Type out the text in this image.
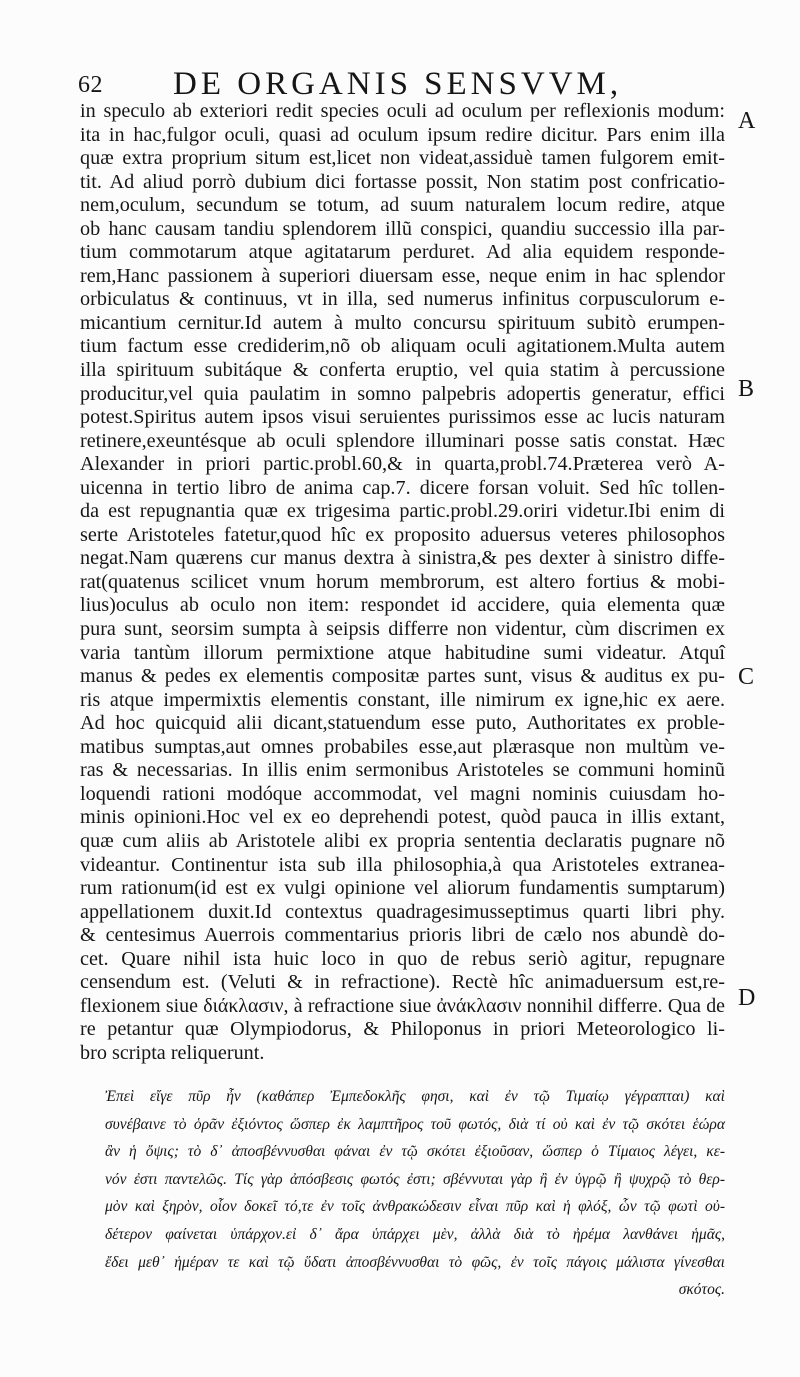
62 DE ORGANIS SENSVVM,
in speculo ab exteriori redit species oculi ad oculum per reflexionis modum:
ita in hac,fulgor oculi, quasi ad oculum ipsum redire dicitur. Pars enim illa
quæ extra proprium situm est,licet non videat,assiduè tamen fulgorem emit-
tit. Ad aliud porrò dubium dici fortasse possit, Non statim post confricatio-
nem,oculum, secundum se totum, ad suum naturalem locum redire, atque
ob hanc causam tandiu splendorem illũ conspici, quandiu successio illa par-
tium commotarum atque agitatarum perduret. Ad alia equidem responde-
rem,Hanc passionem à superiori diuersam esse, neque enim in hac splendor
orbiculatus & continuus, vt in illa, sed numerus infinitus corpusculorum e-
micantium cernitur.Id autem à multo concursu spirituum subitò erumpen-
tium factum esse crediderim,nõ ob aliquam oculi agitationem.Multa autem
illa spirituum subitáque & conferta eruptio, vel quia statim à percussione
producitur,vel quia paulatim in somno palpebris adopertis generatur, effici
potest.Spiritus autem ipsos visui seruientes purissimos esse ac lucis naturam
retinere,exeuntésque ab oculi splendore illuminari posse satis constat. Hæc
Alexander in priori partic.probl.60,& in quarta,probl.74.Præterea verò A-
uicenna in tertio libro de anima cap.7. dicere forsan voluit. Sed hîc tollen-
da est repugnantia quæ ex trigesima partic.probl.29.oriri videtur.Ibi enim di
serte Aristoteles fatetur,quod hîc ex proposito aduersus veteres philosophos
negat.Nam quærens cur manus dextra à sinistra,& pes dexter à sinistro diffe-
rat(quatenus scilicet vnum horum membrorum, est altero fortius & mobi-
lius)oculus ab oculo non item: respondet id accidere, quia elementa quæ
pura sunt, seorsim sumpta à seipsis differre non videntur, cùm discrimen ex
varia tantùm illorum permixtione atque habitudine sumi videatur. Atquî
manus & pedes ex elementis compositæ partes sunt, visus & auditus ex pu-
ris atque impermixtis elementis constant, ille nimirum ex igne,hic ex aere.
Ad hoc quicquid alii dicant,statuendum esse puto, Authoritates ex proble-
matibus sumptas,aut omnes probabiles esse,aut plærasque non multùm ve-
ras & necessarias. In illis enim sermonibus Aristoteles se communi hominũ
loquendi rationi modóque accommodat, vel magni nominis cuiusdam ho-
minis opinioni.Hoc vel ex eo deprehendi potest, quòd pauca in illis extant,
quæ cum aliis ab Aristotele alibi ex propria sententia declaratis pugnare nõ
videantur. Continentur ista sub illa philosophia,à qua Aristoteles extranea-
rum rationum(id est ex vulgi opinione vel aliorum fundamentis sumptarum)
appellationem duxit.Id contextus quadragesimusseptimus quarti libri phy.
& centesimus Auerrois commentarius prioris libri de cælo nos abundè do-
cet. Quare nihil ista huic loco in quo de rebus seriò agitur, repugnare
censendum est. (Veluti & in refractione). Rectè hîc animaduersum est,re-
flexionem siue διάκλασιν, à refractione siue ἀνάκλασιν nonnihil differre. Qua de
re petantur quæ Olympiodorus, & Philoponus in priori Meteorologico li-
bro scripta reliquerunt.
A
B
C
D
Ἐπεὶ εἴγε πῦρ ἦν (καθάπερ Ἐμπεδοκλῆς φησι, καὶ ἐν τῷ Τιμαίῳ γέγραπται) καὶ
συνέβαινε τὸ ὁρᾶν ἐξιόντος ὥσπερ ἐκ λαμπτῆρος τοῦ φωτός, διὰ τί οὐ καὶ ἐν τῷ σκότει ἑώρα
ἂν ἡ ὄψις; τὸ δ᾽ ἀποσβέννυσθαι φάναι ἐν τῷ σκότει ἐξιοῦσαν, ὥσπερ ὁ Τίμαιος λέγει, κε-
νόν ἐστι παντελῶς. Τίς γὰρ ἀπόσβεσις φωτός ἐστι; σβέννυται γὰρ ἢ ἐν ὑγρῷ ἢ ψυχρῷ τὸ θερ-
μὸν καὶ ξηρὸν, οἷον δοκεῖ τό,τε ἐν τοῖς ἀνθρακώδεσιν εἶναι πῦρ καὶ ἡ φλόξ, ὧν τῷ φωτὶ οὐ-
δέτερον φαίνεται ὑπάρχον.εἰ δ᾽ ἄρα ὑπάρχει μὲν, ἀλλὰ διὰ τὸ ἠρέμα λανθάνει ἡμᾶς,
ἔδει μεθ᾽ ἡμέραν τε καὶ τῷ ὕδατι ἀποσβέννυσθαι τὸ φῶς, ἐν τοῖς πάγοις μάλιστα γίνεσθαι
σκότος.
